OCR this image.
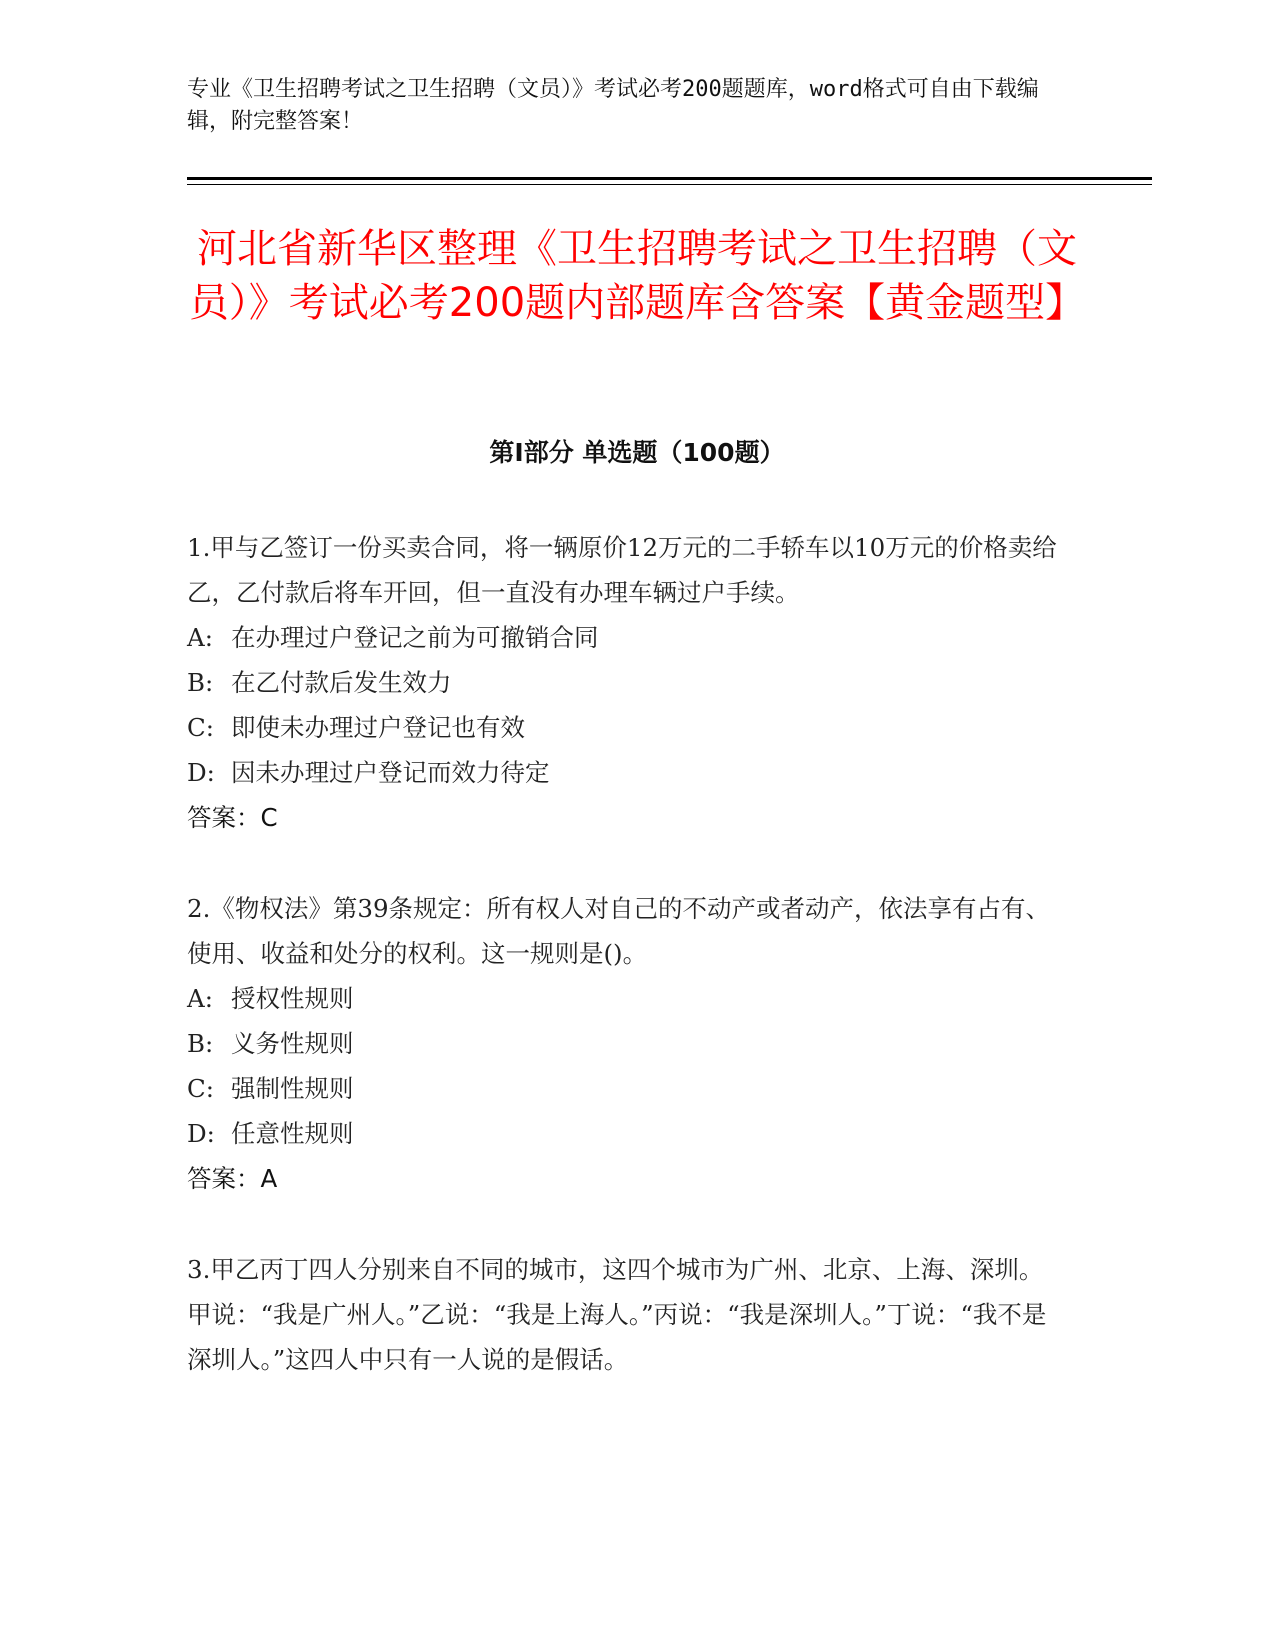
专业《卫生招聘考试之卫生招聘（文员）》考试必考200题题库，word格式可自由下载编辑，附完整答案！
河北省新华区整理《卫生招聘考试之卫生招聘（文员）》考试必考200题内部题库含答案【黄金题型】
第Ⅰ部分 单选题（100题）

1.甲与乙签订一份买卖合同，将一辆原价12万元的二手轿车以10万元的价格卖给乙，乙付款后将车开回，但一直没有办理车辆过户手续。

A: 在办理过户登记之前为可撤销合同
B: 在乙付款后发生效力
C: 即使未办理过户登记也有效
D: 因未办理过户登记而效力待定

答案：C

2.《物权法》第39条规定：所有权人对自己的不动产或者动产，依法享有占有、使用、收益和处分的权利。这一规则是()。

A: 授权性规则
B: 义务性规则
C: 强制性规则
D: 任意性规则

答案：A

3.甲乙丙丁四人分别来自不同的城市，这四个城市为广州、北京、上海、深圳。甲说：“我是广州人。”乙说：“我是上海人。”丙说：“我是深圳人。”丁说：“我不是深圳人。”这四人中只有一人说的是假话。
